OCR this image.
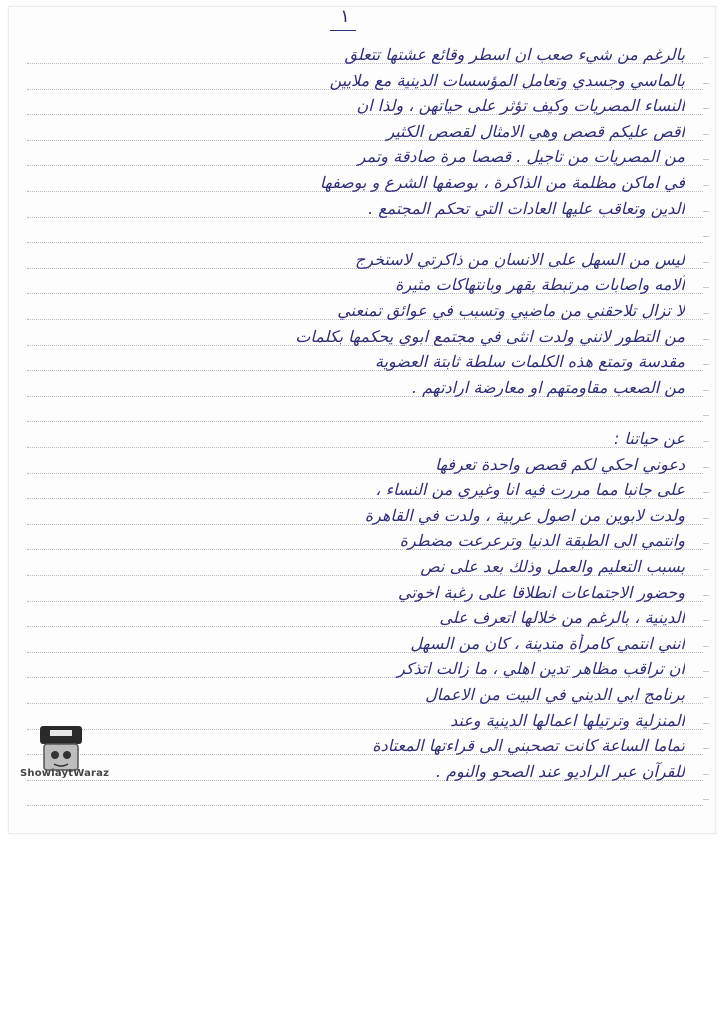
بالرغم من شيء صعب ان اسطر وقائع عشتها تتعلق
بالماسي وجسدي وتعامل المؤسسات الدينية مع ملايين
النساء المصريات وكيف تؤثر على حياتهن ، ولذا ان
اقص عليكم قصص وهي الامثال لقصص الكثير
من المصريات من تاجيل . قصصا مرة صادقة وتمر
في اماكن مظلمة من الذاكرة ، بوصفها الشرع و بوصفها
الدين وتعاقب عليها العادات التي تحكم المجتمع .
ليس من السهل على الانسان من ذاكرتي لاستخرج
آلامه واصابات مرتبطة بقهر وبانتهاكات مثيرة
لا تزال تلاحقني من ماضيي وتسبب في عوائق تمنعني
من التطور لانني ولدت انثى في مجتمع ابوي يحكمها بكلمات
مقدسة وتمتع هذه الكلمات سلطة ثابتة العضوية
من الصعب مقاومتهم او معارضة ارادتهم .
عن حياتنا :
دعوني احكي لكم قصص واحدة تعرفها
على جانبا مما مررت فيه انا وغيري من النساء ،
ولدت لابوين من اصول عربية ، ولدت في القاهرة
وانتمي الى الطبقة الدنيا وترعرعت مضطرة
بسبب التعليم والعمل وذلك بعد على نص
وحضور الاجتماعات انطلاقا على رغبة اخوتي
الدينية ، بالرغم من خلالها اتعرف على
انني انتمي كامرأة متدينة ، كان من السهل
ان تراقب مظاهر تدين اهلي ، ما زالت اتذكر
برنامج ابي الديني في البيت من الاعمال
المنزلية وترتيلها اعمالها الدينية وعند
تماما الساعة كانت تصحبني الى قراءتها المعتادة
للقرآن عبر الراديو عند الصحو والنوم .
١
ShowlaytWaraz
